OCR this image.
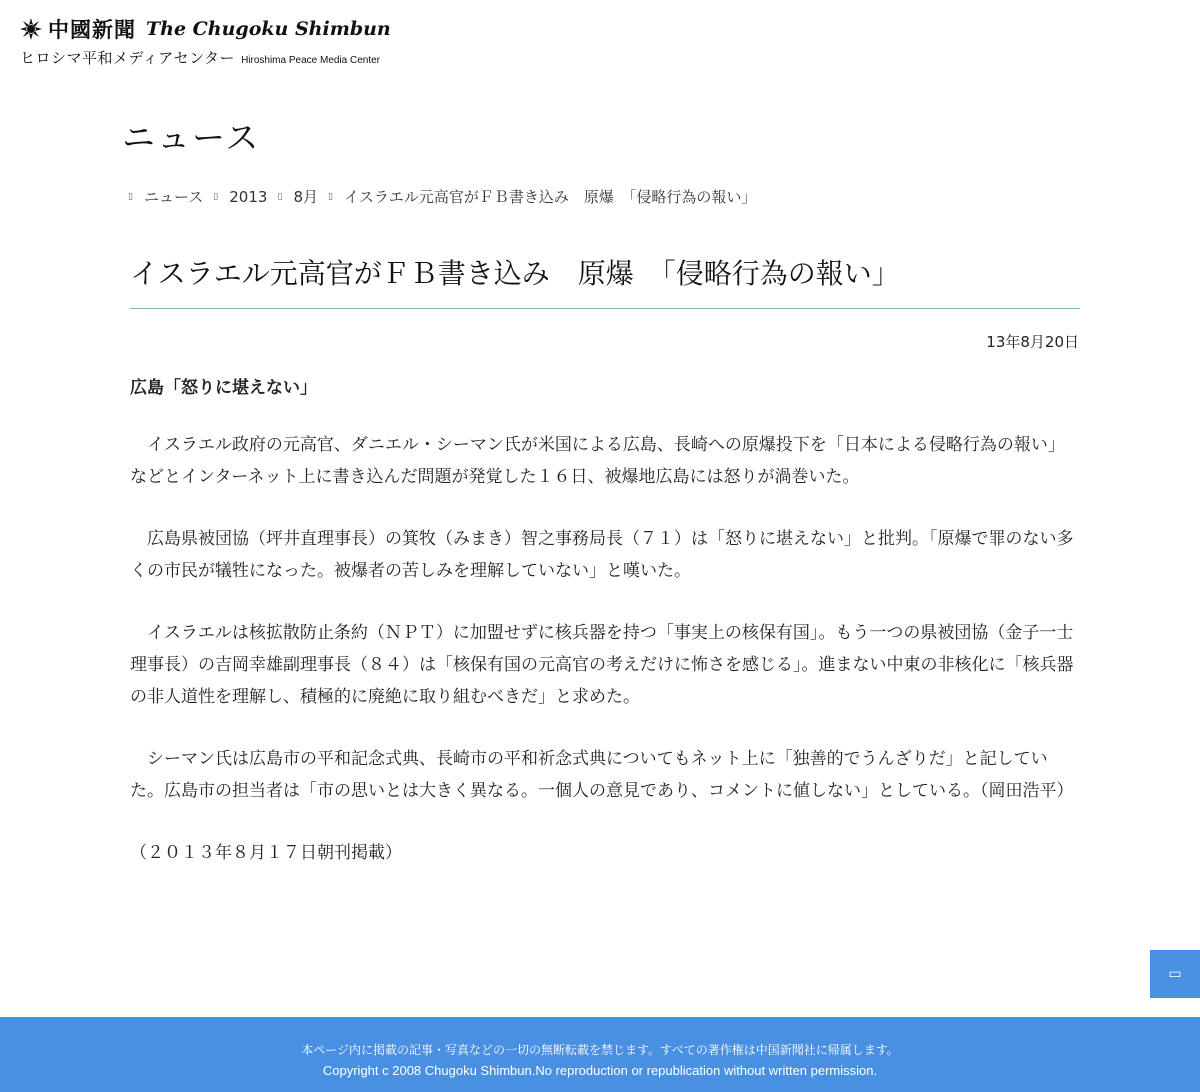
中國新聞 The Chugoku Shimbun
ヒロシマ平和メディアセンター Hiroshima Peace Media Center
ニュース
▯ ニュース ▯ 2013 ▯ 8月 ▯ イスラエル元高官がＦＢ書き込み　原爆　「侵略行為の報い」
イスラエル元高官がＦＢ書き込み　原爆　「侵略行為の報い」
13年8月20日
広島「怒りに堪えない」

　イスラエル政府の元高官、ダニエル・シーマン氏が米国による広島、長崎への原爆投下を「日本による侵略行為の報い」などとインターネット上に書き込んだ問題が発覚した１６日、被爆地広島には怒りが渦巻いた。

　広島県被団協（坪井直理事長）の箕牧（みまき）智之事務局長（７１）は「怒りに堪えない」と批判。「原爆で罪のない多くの市民が犠牲になった。被爆者の苦しみを理解していない」と嘆いた。

　イスラエルは核拡散防止条約（ＮＰＴ）に加盟せずに核兵器を持つ「事実上の核保有国」。もう一つの県被団協（金子一士理事長）の吉岡幸雄副理事長（８４）は「核保有国の元高官の考えだけに怖さを感じる」。進まない中東の非核化に「核兵器の非人道性を理解し、積極的に廃絶に取り組むべきだ」と求めた。

　シーマン氏は広島市の平和記念式典、長崎市の平和祈念式典についてもネット上に「独善的でうんざりだ」と記していた。広島市の担当者は「市の思いとは大きく異なる。一個人の意見であり、コメントに値しない」としている。（岡田浩平）

（２０１３年８月１７日朝刊掲載）

▭
本ページ内に掲載の記事・写真などの一切の無断転載を禁じます。すべての著作権は中国新聞社に帰属します。
Copyright c 2008 Chugoku Shimbun.No reproduction or republication without written permission.
